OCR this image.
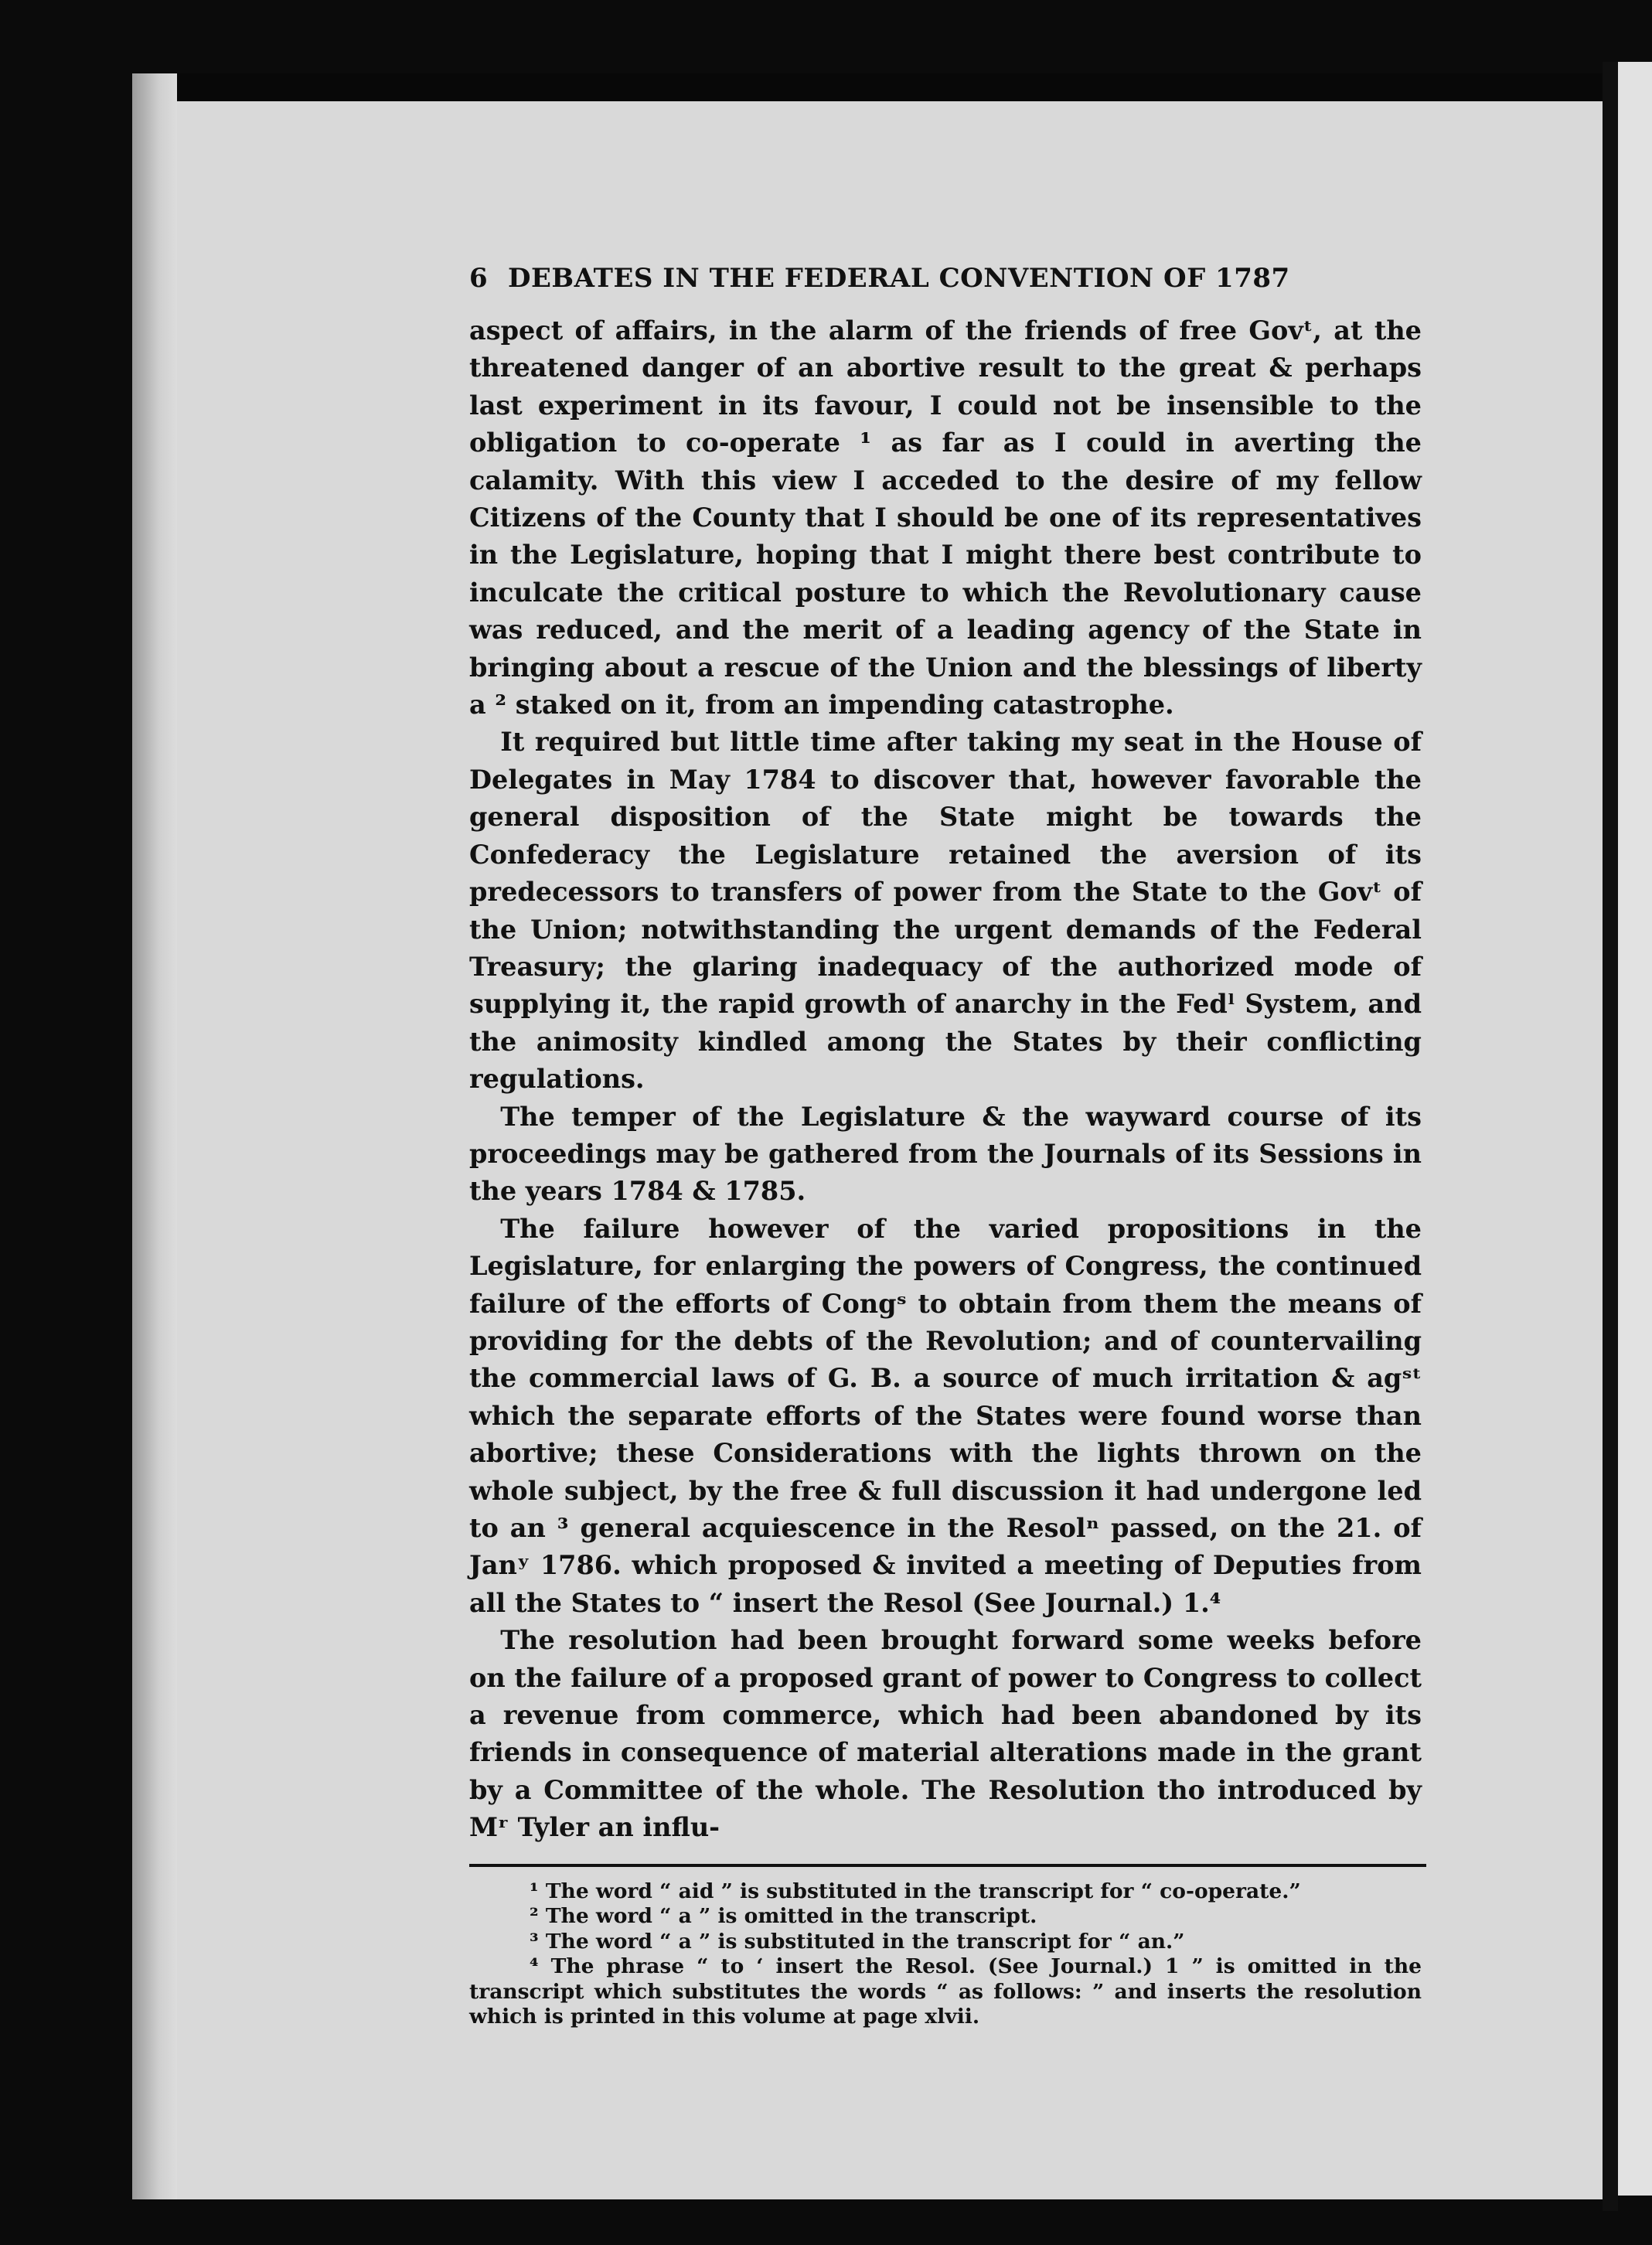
6 DEBATES IN THE FEDERAL CONVENTION OF 1787

aspect of affairs, in the alarm of the friends of free Govᵗ, at the threatened danger of an abortive result to the great & perhaps last experiment in its favour, I could not be insensible to the obligation to co-operate ¹ as far as I could in averting the calamity. With this view I acceded to the desire of my fellow Citizens of the County that I should be one of its representatives in the Legislature, hoping that I might there best contribute to inculcate the critical posture to which the Revolutionary cause was reduced, and the merit of a leading agency of the State in bringing about a rescue of the Union and the blessings of liberty a ² staked on it, from an impending catastrophe.

It required but little time after taking my seat in the House of Delegates in May 1784 to discover that, however favorable the general disposition of the State might be towards the Confederacy the Legislature retained the aversion of its predecessors to transfers of power from the State to the Govᵗ of the Union; notwithstanding the urgent demands of the Federal Treasury; the glaring inadequacy of the authorized mode of supplying it, the rapid growth of anarchy in the Fedˡ System, and the animosity kindled among the States by their conflicting regulations.

The temper of the Legislature & the wayward course of its proceedings may be gathered from the Journals of its Sessions in the years 1784 & 1785.

The failure however of the varied propositions in the Legislature, for enlarging the powers of Congress, the continued failure of the efforts of Congˢ to obtain from them the means of providing for the debts of the Revolution; and of countervailing the commercial laws of G. B. a source of much irritation & agˢᵗ which the separate efforts of the States were found worse than abortive; these Considerations with the lights thrown on the whole subject, by the free & full discussion it had undergone led to an ³ general acquiescence in the Resolⁿ passed, on the 21. of Janʸ 1786. which proposed & invited a meeting of Deputies from all the States to “ insert the Resol (See Journal.) 1.⁴

The resolution had been brought forward some weeks before on the failure of a proposed grant of power to Congress to collect a revenue from commerce, which had been abandoned by its friends in consequence of material alterations made in the grant by a Committee of the whole. The Resolution tho introduced by Mʳ Tyler an influ-

¹ The word “ aid ” is substituted in the transcript for “ co-operate.”

² The word “ a ” is omitted in the transcript.

³ The word “ a ” is substituted in the transcript for “ an.”

⁴ The phrase “ to ‘ insert the Resol. (See Journal.) 1 ” is omitted in the transcript which substitutes the words “ as follows: ” and inserts the resolution which is printed in this volume at page xlvii.
